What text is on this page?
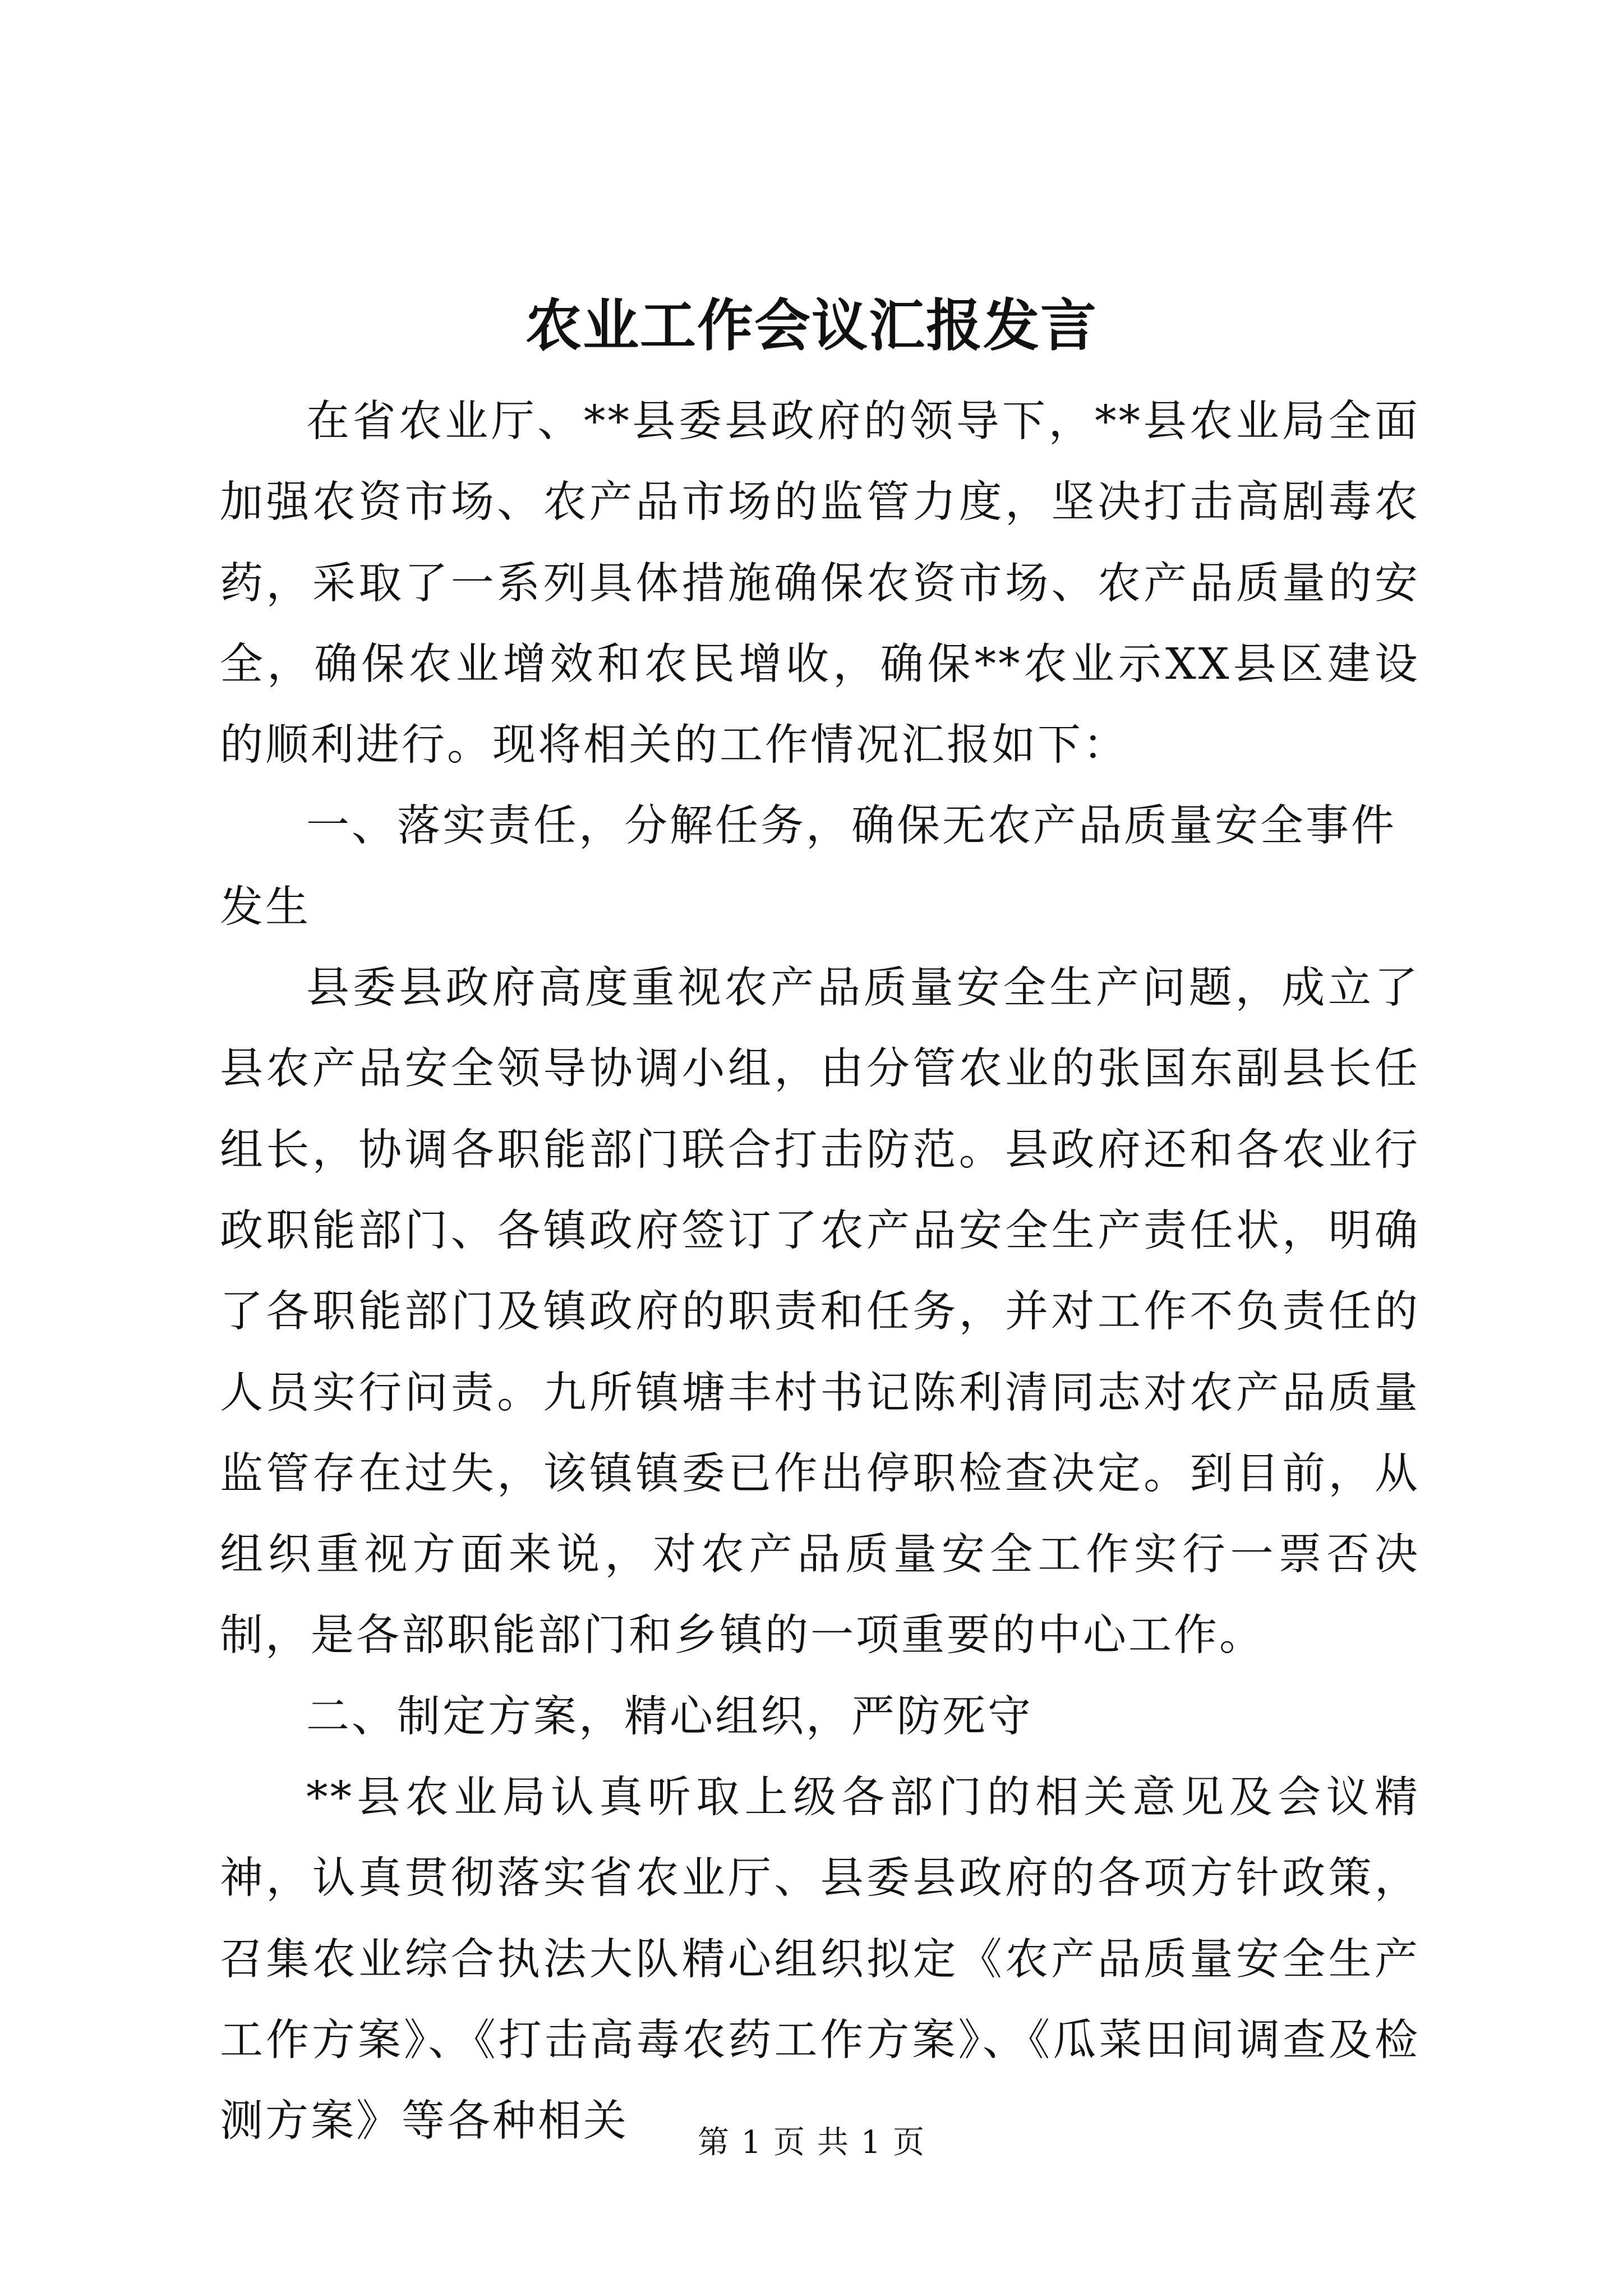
农业工作会议汇报发言

在省农业厅、**县委县政府的领导下，**县农业局全面加强农资市场、农产品市场的监管力度，坚决打击高剧毒农药，采取了一系列具体措施确保农资市场、农产品质量的安全，确保农业增效和农民增收，确保**农业示XX县区建设的顺利进行。现将相关的工作情况汇报如下：

一、落实责任，分解任务，确保无农产品质量安全事件发生

县委县政府高度重视农产品质量安全生产问题，成立了县农产品安全领导协调小组，由分管农业的张国东副县长任组长，协调各职能部门联合打击防范。县政府还和各农业行政职能部门、各镇政府签订了农产品安全生产责任状，明确了各职能部门及镇政府的职责和任务，并对工作不负责任的人员实行问责。九所镇塘丰村书记陈利清同志对农产品质量监管存在过失，该镇镇委已作出停职检查决定。到目前，从组织重视方面来说，对农产品质量安全工作实行一票否决制，是各部职能部门和乡镇的一项重要的中心工作。

二、制定方案，精心组织，严防死守

**县农业局认真听取上级各部门的相关意见及会议精神，认真贯彻落实省农业厅、县委县政府的各项方针政策，召集农业综合执法大队精心组织拟定《农产品质量安全生产工作方案》、《打击高毒农药工作方案》、《瓜菜田间调查及检测方案》等各种相关	第 1 页 共 1 页
